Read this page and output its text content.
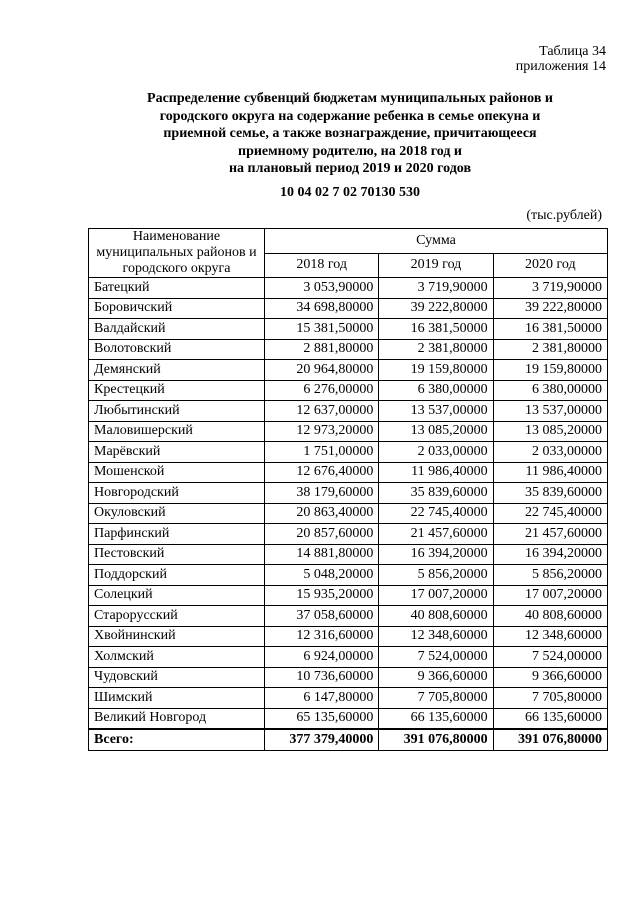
Таблица 34
приложения 14
Распределение субвенций бюджетам муниципальных районов и
городского округа на содержание ребенка в семье опекуна и
приемной семье, а также вознаграждение, причитающееся
приемному родителю, на 2018 год и
на плановый период 2019 и 2020 годов
10 04 02 7 02 70130 530
(тыс.рублей)
Наименование муниципальных районов и городского округа	Сумма		
	2018 год	2019 год	2020 год
Батецкий	3 053,90000	3 719,90000	3 719,90000
Боровичский	34 698,80000	39 222,80000	39 222,80000
Валдайский	15 381,50000	16 381,50000	16 381,50000
Волотовский	2 881,80000	2 381,80000	2 381,80000
Демянский	20 964,80000	19 159,80000	19 159,80000
Крестецкий	6 276,00000	6 380,00000	6 380,00000
Любытинский	12 637,00000	13 537,00000	13 537,00000
Маловишерский	12 973,20000	13 085,20000	13 085,20000
Марёвский	1 751,00000	2 033,00000	2 033,00000
Мошенской	12 676,40000	11 986,40000	11 986,40000
Новгородский	38 179,60000	35 839,60000	35 839,60000
Окуловский	20 863,40000	22 745,40000	22 745,40000
Парфинский	20 857,60000	21 457,60000	21 457,60000
Пестовский	14 881,80000	16 394,20000	16 394,20000
Поддорский	5 048,20000	5 856,20000	5 856,20000
Солецкий	15 935,20000	17 007,20000	17 007,20000
Старорусский	37 058,60000	40 808,60000	40 808,60000
Хвойнинский	12 316,60000	12 348,60000	12 348,60000
Холмский	6 924,00000	7 524,00000	7 524,00000
Чудовский	10 736,60000	9 366,60000	9 366,60000
Шимский	6 147,80000	7 705,80000	7 705,80000
Великий Новгород	65 135,60000	66 135,60000	66 135,60000
Всего:	377 379,40000	391 076,80000	391 076,80000
